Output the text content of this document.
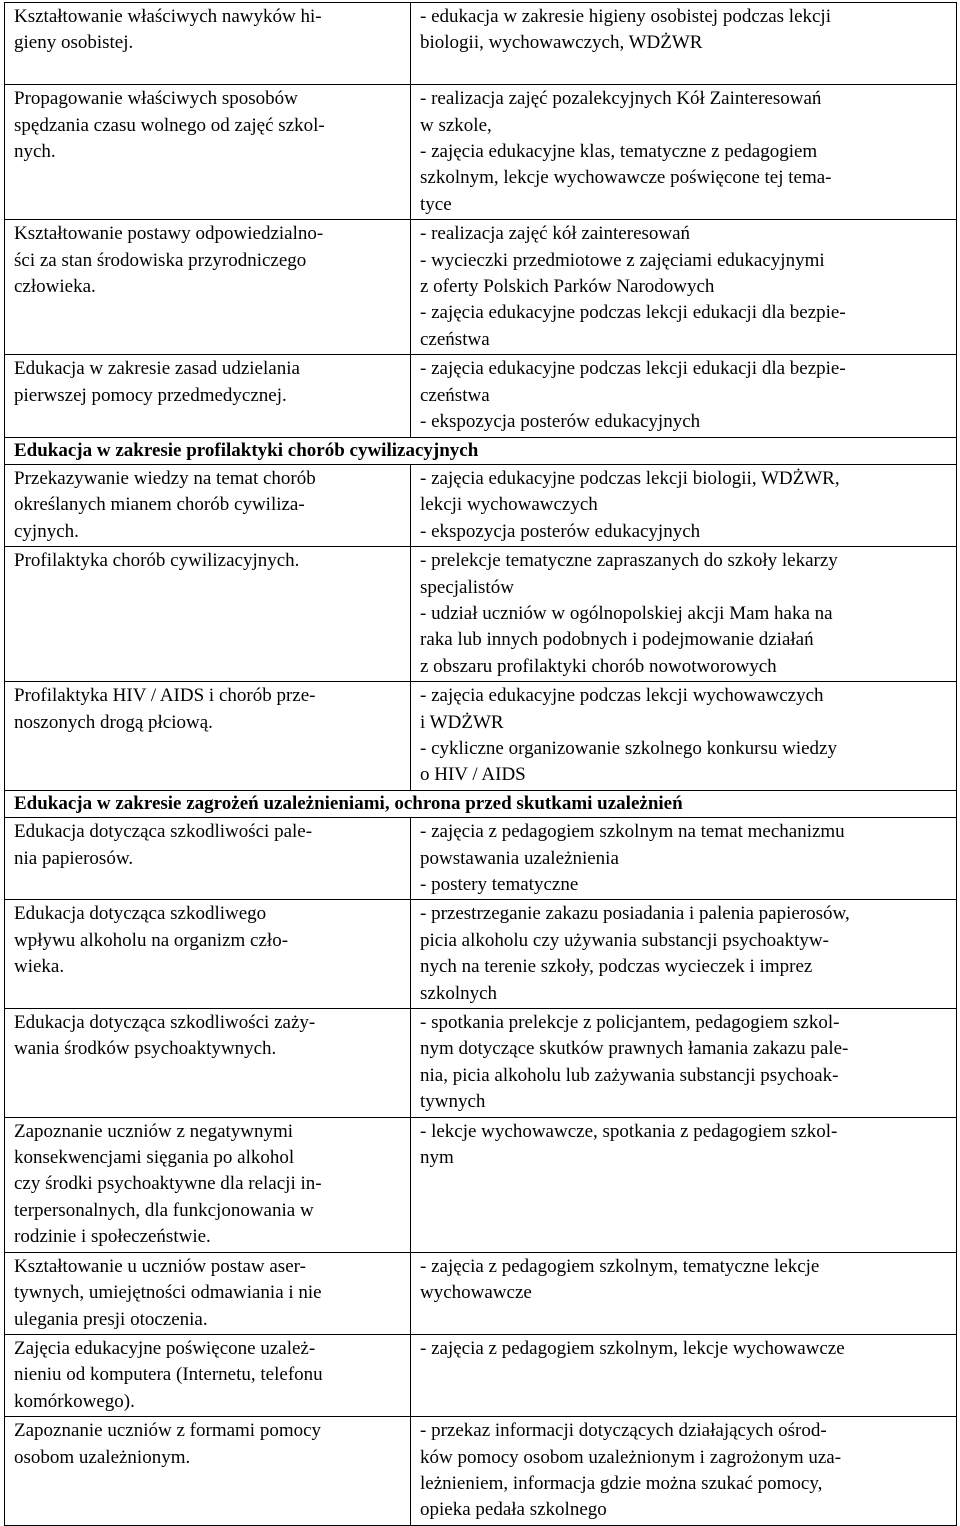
Kształtowanie właściwych nawyków hi-
gieny osobistej.	- edukacja w zakresie higieny osobistej podczas lekcji
biologii, wychowawczych, WDŻWR

Propagowanie właściwych sposobów
spędzania czasu wolnego od zajęć szkol-
nych.	- realizacja zajęć pozalekcyjnych Kół Zainteresowań
w szkole,
- zajęcia edukacyjne klas, tematyczne z pedagogiem
szkolnym, lekcje wychowawcze poświęcone tej tema-
tyce

Kształtowanie postawy odpowiedzialno-
ści za stan środowiska przyrodniczego
człowieka.	- realizacja zajęć kół zainteresowań
- wycieczki przedmiotowe z zajęciami edukacyjnymi
z oferty Polskich Parków Narodowych
- zajęcia edukacyjne podczas lekcji edukacji dla bezpie-
czeństwa

Edukacja w zakresie zasad udzielania
pierwszej pomocy przedmedycznej.	- zajęcia edukacyjne podczas lekcji edukacji dla bezpie-
czeństwa
- ekspozycja posterów edukacyjnych

Edukacja w zakresie profilaktyki chorób cywilizacyjnych	

Przekazywanie wiedzy na temat chorób
określanych mianem chorób cywiliza-
cyjnych.	- zajęcia edukacyjne podczas lekcji biologii, WDŻWR,
lekcji wychowawczych
- ekspozycja posterów edukacyjnych

Profilaktyka chorób cywilizacyjnych.	- prelekcje tematyczne zapraszanych do szkoły lekarzy
specjalistów
- udział uczniów w ogólnopolskiej akcji Mam haka na
raka lub innych podobnych i podejmowanie działań
z obszaru profilaktyki chorób nowotworowych

Profilaktyka HIV / AIDS i chorób prze-
noszonych drogą płciową.	- zajęcia edukacyjne podczas lekcji wychowawczych
i WDŻWR
- cykliczne organizowanie szkolnego konkursu wiedzy
o HIV / AIDS

Edukacja w zakresie zagrożeń uzależnieniami, ochrona przed skutkami uzależnień	

Edukacja dotycząca szkodliwości pale-
nia papierosów.	- zajęcia z pedagogiem szkolnym na temat mechanizmu
powstawania uzależnienia
- postery tematyczne

Edukacja dotycząca szkodliwego
wpływu alkoholu na organizm czło-
wieka.	- przestrzeganie zakazu posiadania i palenia papierosów,
picia alkoholu czy używania substancji psychoaktyw-
nych na terenie szkoły, podczas wycieczek i imprez
szkolnych

Edukacja dotycząca szkodliwości zaży-
wania środków psychoaktywnych.	- spotkania prelekcje z policjantem, pedagogiem szkol-
nym dotyczące skutków prawnych łamania zakazu pale-
nia, picia alkoholu lub zażywania substancji psychoak-
tywnych

Zapoznanie uczniów z negatywnymi
konsekwencjami sięgania po alkohol
czy środki psychoaktywne dla relacji in-
terpersonalnych, dla funkcjonowania w
rodzinie i społeczeństwie.	- lekcje wychowawcze, spotkania z pedagogiem szkol-
nym

Kształtowanie u uczniów postaw aser-
tywnych, umiejętności odmawiania i nie
ulegania presji otoczenia.	- zajęcia z pedagogiem szkolnym, tematyczne lekcje
wychowawcze

Zajęcia edukacyjne poświęcone uzależ-
nieniu od komputera (Internetu, telefonu
komórkowego).	- zajęcia z pedagogiem szkolnym, lekcje wychowawcze

Zapoznanie uczniów z formami pomocy
osobom uzależnionym.	- przekaz informacji dotyczących działających ośrod-
ków pomocy osobom uzależnionym i zagrożonym uza-
leżnieniem, informacja gdzie można szukać pomocy,
opieka pedała szkolnego
